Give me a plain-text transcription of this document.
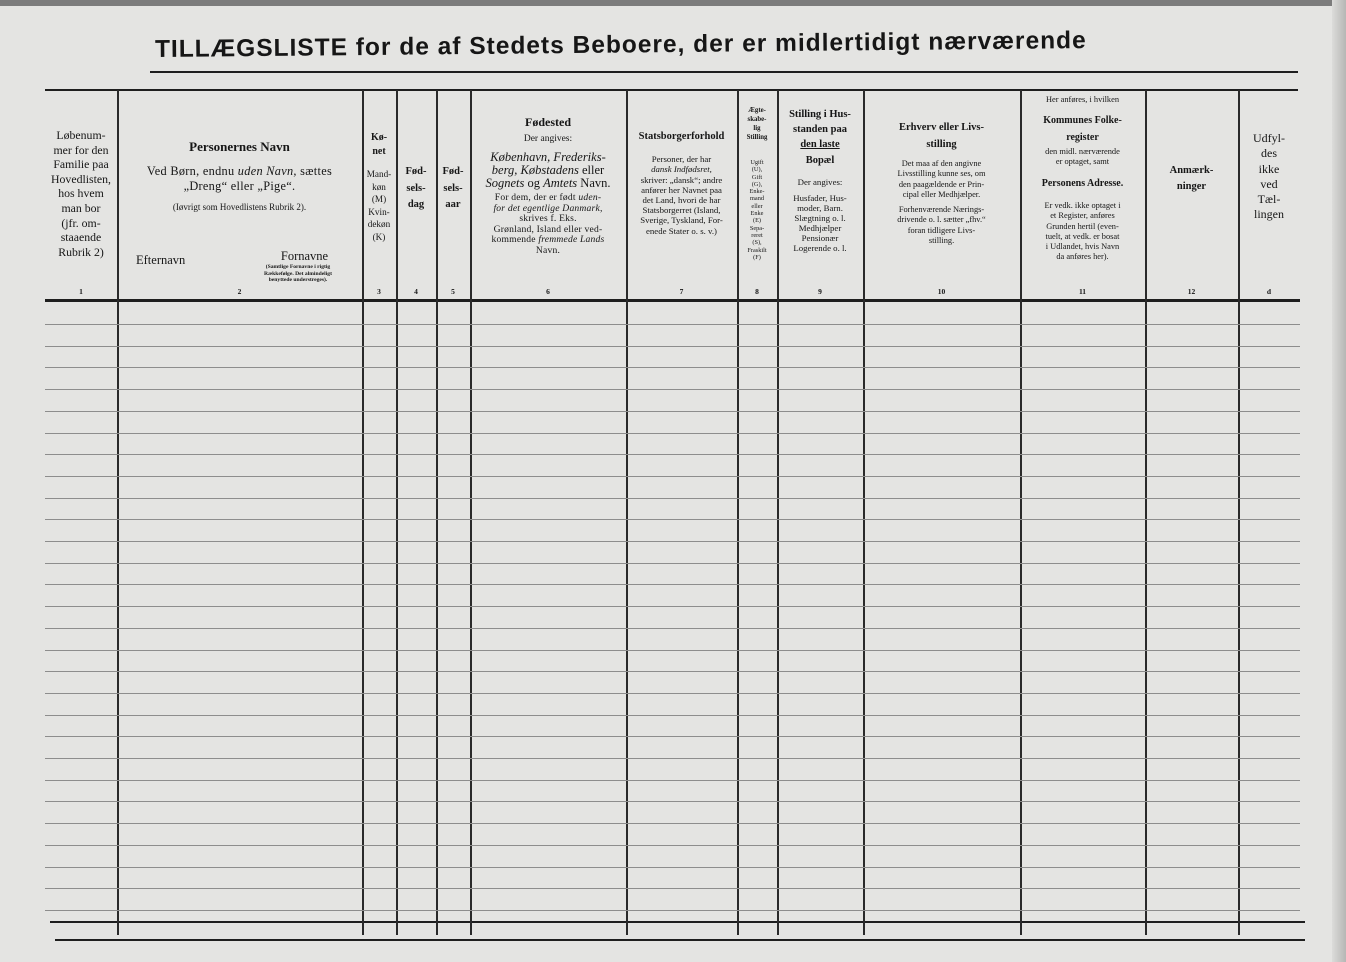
TILLÆGSLISTE for de af Stedets Beboere, der er midlertidigt nærværende
Løbenum-
mer for den
Familie paa
Hovedlisten,
hos hvem
man bor
(jfr. om-
staaende
Rubrik 2)
1
Personernes Navn
Ved Børn, endnu uden Navn, sættes
„Dreng“ eller „Pige“.
(Iøvrigt som Hovedlistens Rubrik 2).
Efternavn	Fornavne
(Samtlige Fornavne i rigtig
Rækkefølge. Det almindeligt
benyttede understreges).
2
Kø-
net
Mand-
køn
(M)
Kvin-
dekøn
(K)
3
Fød-
sels-
dag
4
Fød-
sels-
aar
5
Fødested
Der angives:
København, Frederiks-
berg, Købstadens eller
Sognets og Amtets Navn.
For dem, der er født uden-
for det egentlige Danmark,
skrives f. Eks.
Grønland, Island eller ved-
kommende fremmede Lands
Navn.
6
Statsborgerforhold
Personer, der har
dansk Indfødsret,
skriver: „dansk“; andre
anfører her Navnet paa
det Land, hvori de har
Statsborgerret (Island,
Sverige, Tyskland, For-
enede Stater o. s. v.)
7
Ægte-
skabe-
lig
Stilling
Ugift
(U),
Gift
(G),
Enke-
mand
eller
Enke
(E)
Sepa-
reret
(S),
Fraskilt
(F)
8
Stilling i Hus-
standen paa
den laste
Bopæl
Der angives:
Husfader, Hus-
moder, Barn.
Slægtning o. l.
Medhjælper
Pensionær
Logerende o. l.
9
Erhverv eller Livs-
stilling
Det maa af den angivne
Livsstilling kunne ses, om
den paagældende er Prin-
cipal eller Medhjælper.
Forhenværende Nærings-
drivende o. l. sætter „fhv.“
foran tidligere Livs-
stilling.
10
Her anføres, i hvilken
Kommunes Folke-
register
den midl. nærværende
er optaget, samt
Personens Adresse.
Er vedk. ikke optaget i
et Register, anføres
Grunden hertil (even-
tuelt, at vedk. er bosat
i Udlandet, hvis Navn
da anføres her).
11
Anmærk-
ninger
12
Udfyl-
des
ikke
ved
Tæl-
lingen
d
